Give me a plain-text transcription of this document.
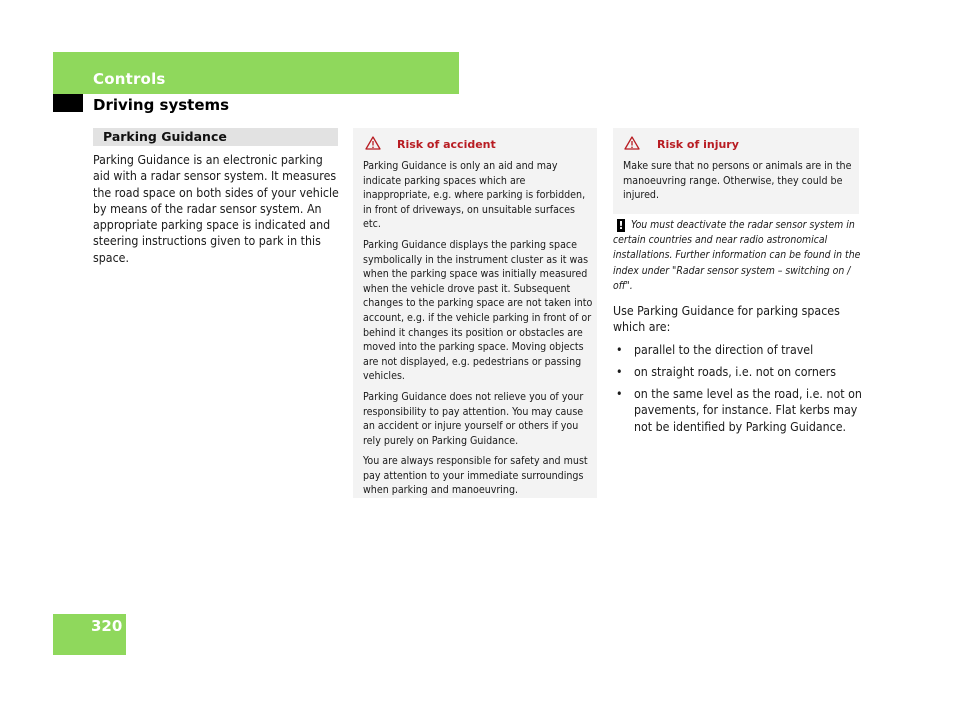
Controls
Driving systems
Parking Guidance
Parking Guidance is an electronic parking aid with a radar sensor system. It measures the road space on both sides of your vehicle by means of the radar sensor system. An appropriate parking space is indicated and steering instructions given to park in this space.
Risk of accident

Parking Guidance is only an aid and may indicate parking spaces which are inappropriate, e.g. where parking is forbidden, in front of driveways, on unsuitable surfaces etc.

Parking Guidance displays the parking space symbolically in the instrument cluster as it was when the parking space was initially measured when the vehicle drove past it. Subsequent changes to the parking space are not taken into account, e.g. if the vehicle parking in front of or behind it changes its position or obstacles are moved into the parking space. Moving objects are not displayed, e.g. pedestrians or passing vehicles.

Parking Guidance does not relieve you of your responsibility to pay attention. You may cause an accident or injure yourself or others if you rely purely on Parking Guidance.

You are always responsible for safety and must pay attention to your immediate surroundings when parking and manoeuvring.

Risk of injury
Make sure that no persons or animals are in the manoeuvring range. Otherwise, they could be injured.
! You must deactivate the radar sensor system in certain countries and near radio astronomical installations. Further information can be found in the index under "Radar sensor system – switching on / off".
Use Parking Guidance for parking spaces which are:
• parallel to the direction of travel
• on straight roads, i.e. not on corners
• on the same level as the road, i.e. not on pavements, for instance. Flat kerbs may not be identified by Parking Guidance.
320
